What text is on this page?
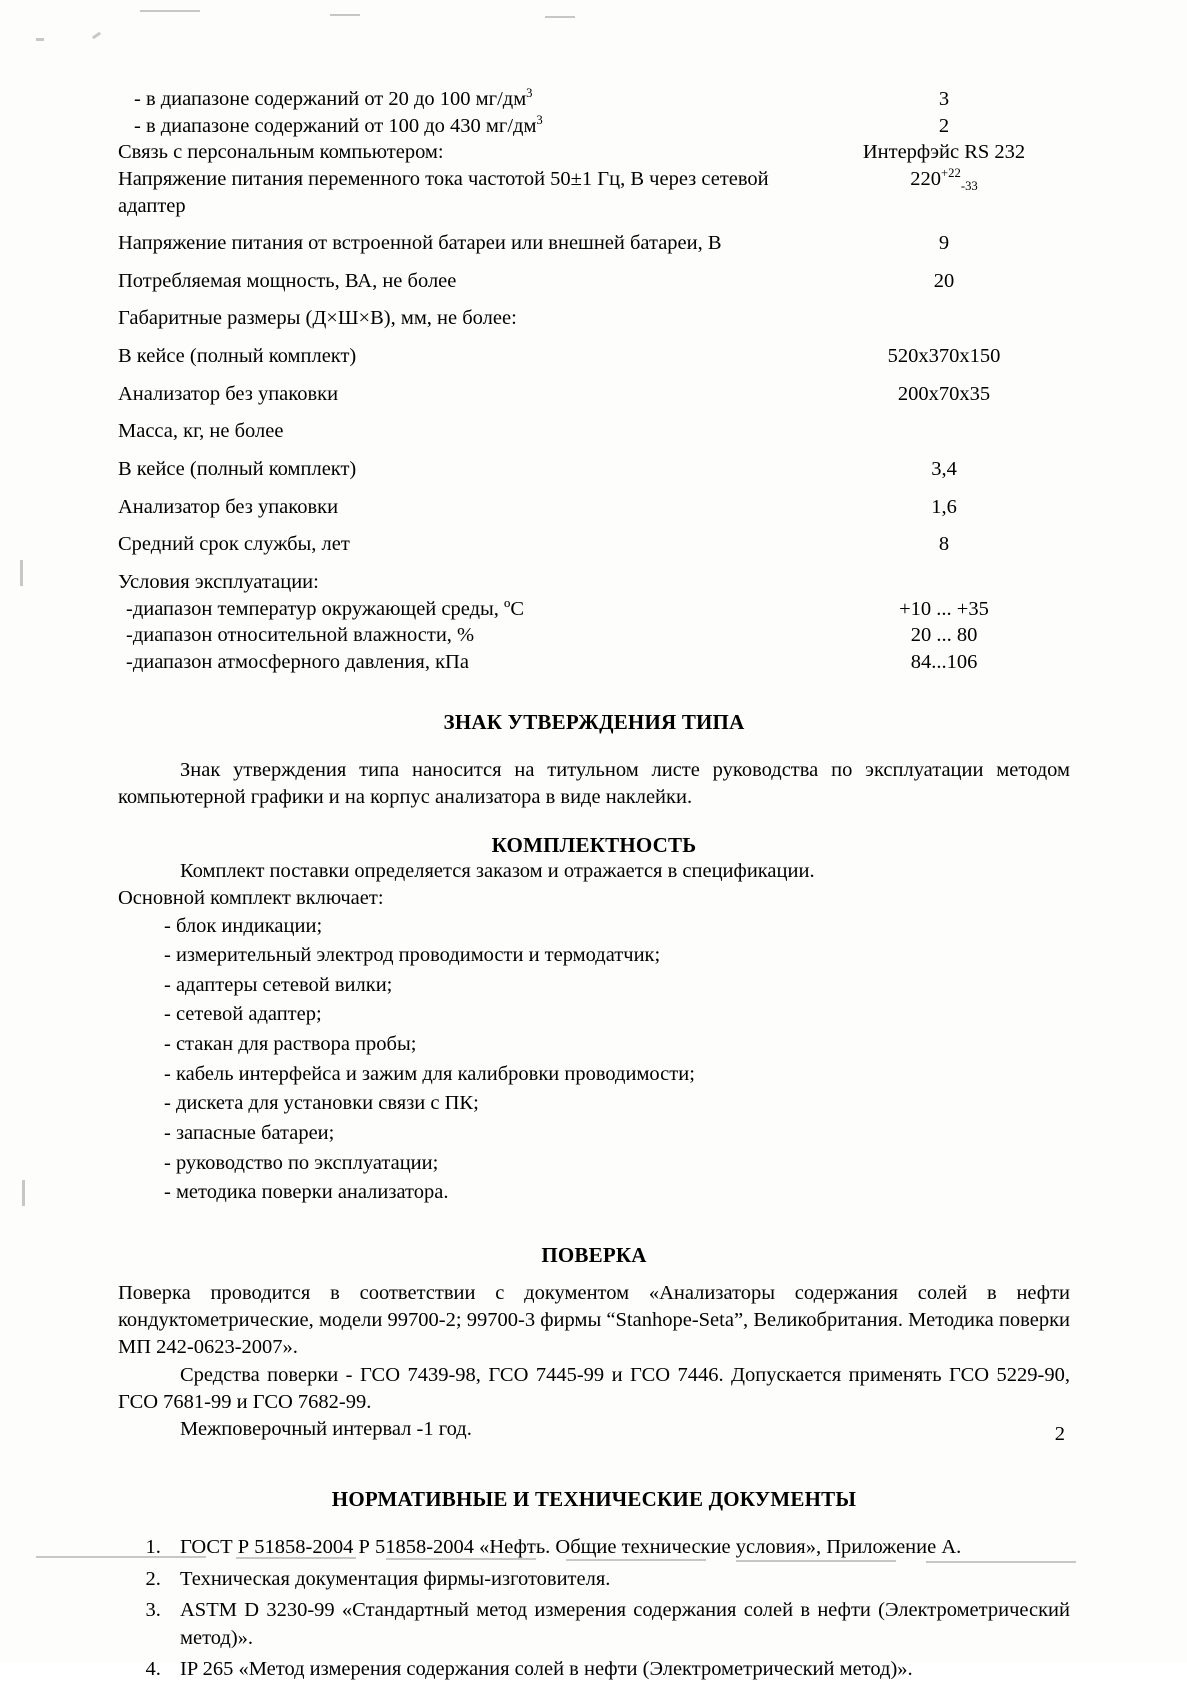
- в диапазоне содержаний от 20 до 100 $мг/дм^3$	3
- в диапазоне содержаний от 100 до 430 $мг/дм^3$	2
Связь с персональным компьютером:	Интерфэйс RS 232
Напряжение питания переменного тока частотой 50±1 Гц, В через сетевой адаптер	$220^{+22}_{-33}$
Напряжение питания от встроенной батареи или внешней батареи, В	9
Потребляемая мощность, ВА, не более	20
Габаритные размеры (Д×Ш×В), мм, не более:	
В кейсе (полный комплект)	520x370x150
Анализатор без упаковки	200x70x35
Масса, кг, не более	
В кейсе (полный комплект)	3,4
Анализатор без упаковки	1,6
Средний срок службы, лет	8
Условия эксплуатации:	
-диапазон температур окружающей среды, ºС	+10 ... +35
-диапазон относительной влажности, %	20 ... 80
-диапазон атмосферного давления, кПа	84...106
ЗНАК УТВЕРЖДЕНИЯ ТИПА

Знак утверждения типа наносится на титульном листе руководства по эксплуатации методом компьютерной графики и на корпус анализатора в виде наклейки.

КОМПЛЕКТНОСТЬ

Комплект поставки определяется заказом и отражается в спецификации.

Основной комплект включает:

- блок индикации;
- измерительный электрод проводимости и термодатчик;
- адаптеры сетевой вилки;
- сетевой адаптер;
- стакан для раствора пробы;
- кабель интерфейса и зажим для калибровки проводимости;
- дискета для установки связи с ПК;
- запасные батареи;
- руководство по эксплуатации;
- методика поверки анализатора.
ПОВЕРКА

Поверка проводится в соответствии с документом «Анализаторы содержания солей в нефти кондуктометрические, модели 99700-2; 99700-3 фирмы “Stanhope-Seta”, Великобритания. Методика поверки МП 242-0623-2007».

Средства поверки - ГСО 7439-98, ГСО 7445-99 и ГСО 7446. Допускается применять ГСО 5229-90, ГСО 7681-99 и ГСО 7682-99.

Межповерочный интервал -1 год.

НОРМАТИВНЫЕ И ТЕХНИЧЕСКИЕ ДОКУМЕНТЫ
1. ГОСТ Р 51858-2004 Р 51858-2004 «Нефть. Общие технические условия», Приложение А.
2. Техническая документация фирмы-изготовителя.
3. ASTM D 3230-99 «Стандартный метод измерения содержания солей в нефти (Электрометрический метод)».
4. IP 265 «Метод измерения содержания солей в нефти (Электрометрический метод)».
2
